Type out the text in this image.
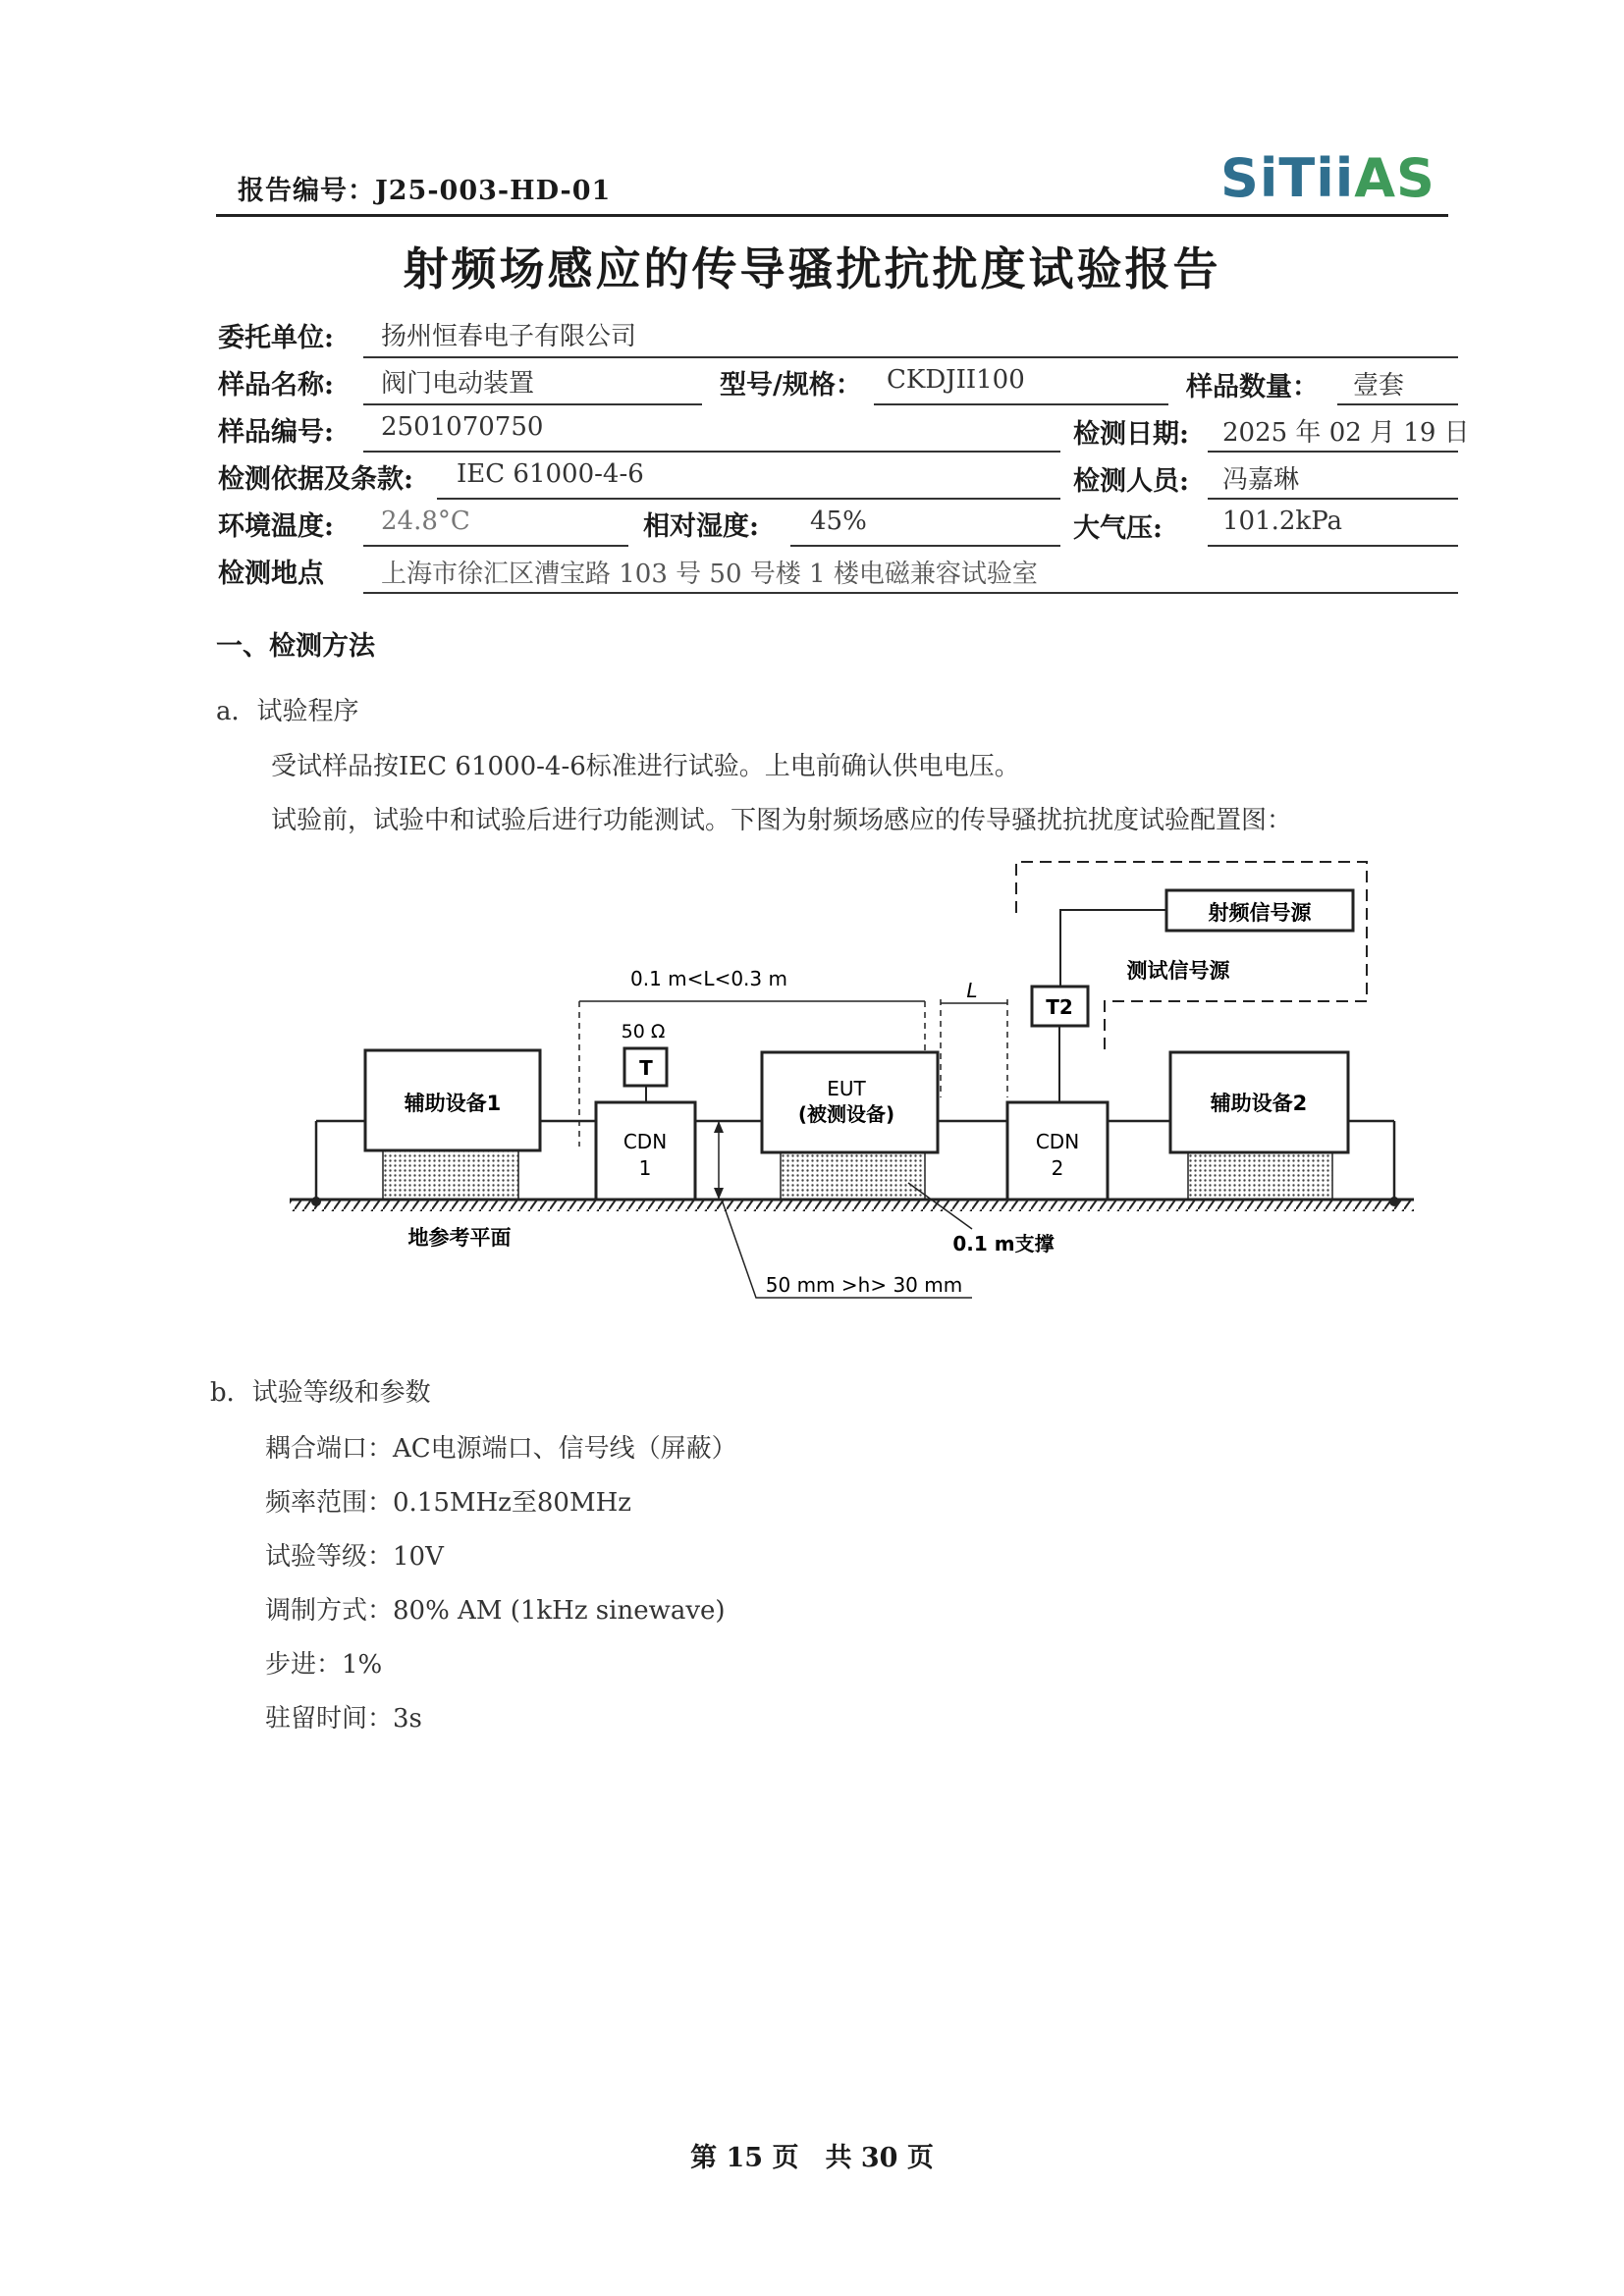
报告编号：J25-003-HD-01	SiTiiAS
射频场感应的传导骚扰抗扰度试验报告
委托单位: 扬州恒春电子有限公司
样品名称: 阀门电动装置	型号/规格： CKDJII100	样品数量： 壹套
样品编号: 2501070750	检测日期: 2025 年 02 月 19 日
检测依据及条款: IEC 61000-4-6	检测人员: 冯嘉琳
环境温度: 24.8°C	相对湿度: 45%	大气压: 101.2kPa
检测地点 上海市徐汇区漕宝路 103 号 50 号楼 1 楼电磁兼容试验室
一、检测方法
a．试验程序
受试样品按IEC 61000-4-6标准进行试验。上电前确认供电电压。
试验前，试验中和试验后进行功能测试。下图为射频场感应的传导骚扰抗扰度试验配置图：
射频信号源
测试信号源
T2
0.1 m<L<0.3 m	L
辅助设备1
50 Ω
T
CDN
1
EUT
(被测设备)
CDN
2
辅助设备2
地参考平面
50 mm >h> 30 mm
0.1 m支撑
b．试验等级和参数
耦合端口：AC电源端口、信号线（屏蔽）
频率范围：0.15MHz至80MHz
试验等级：10V
调制方式：80% AM (1kHz sinewave)
步进：1%
驻留时间：3s
第 15 页　共 30 页
